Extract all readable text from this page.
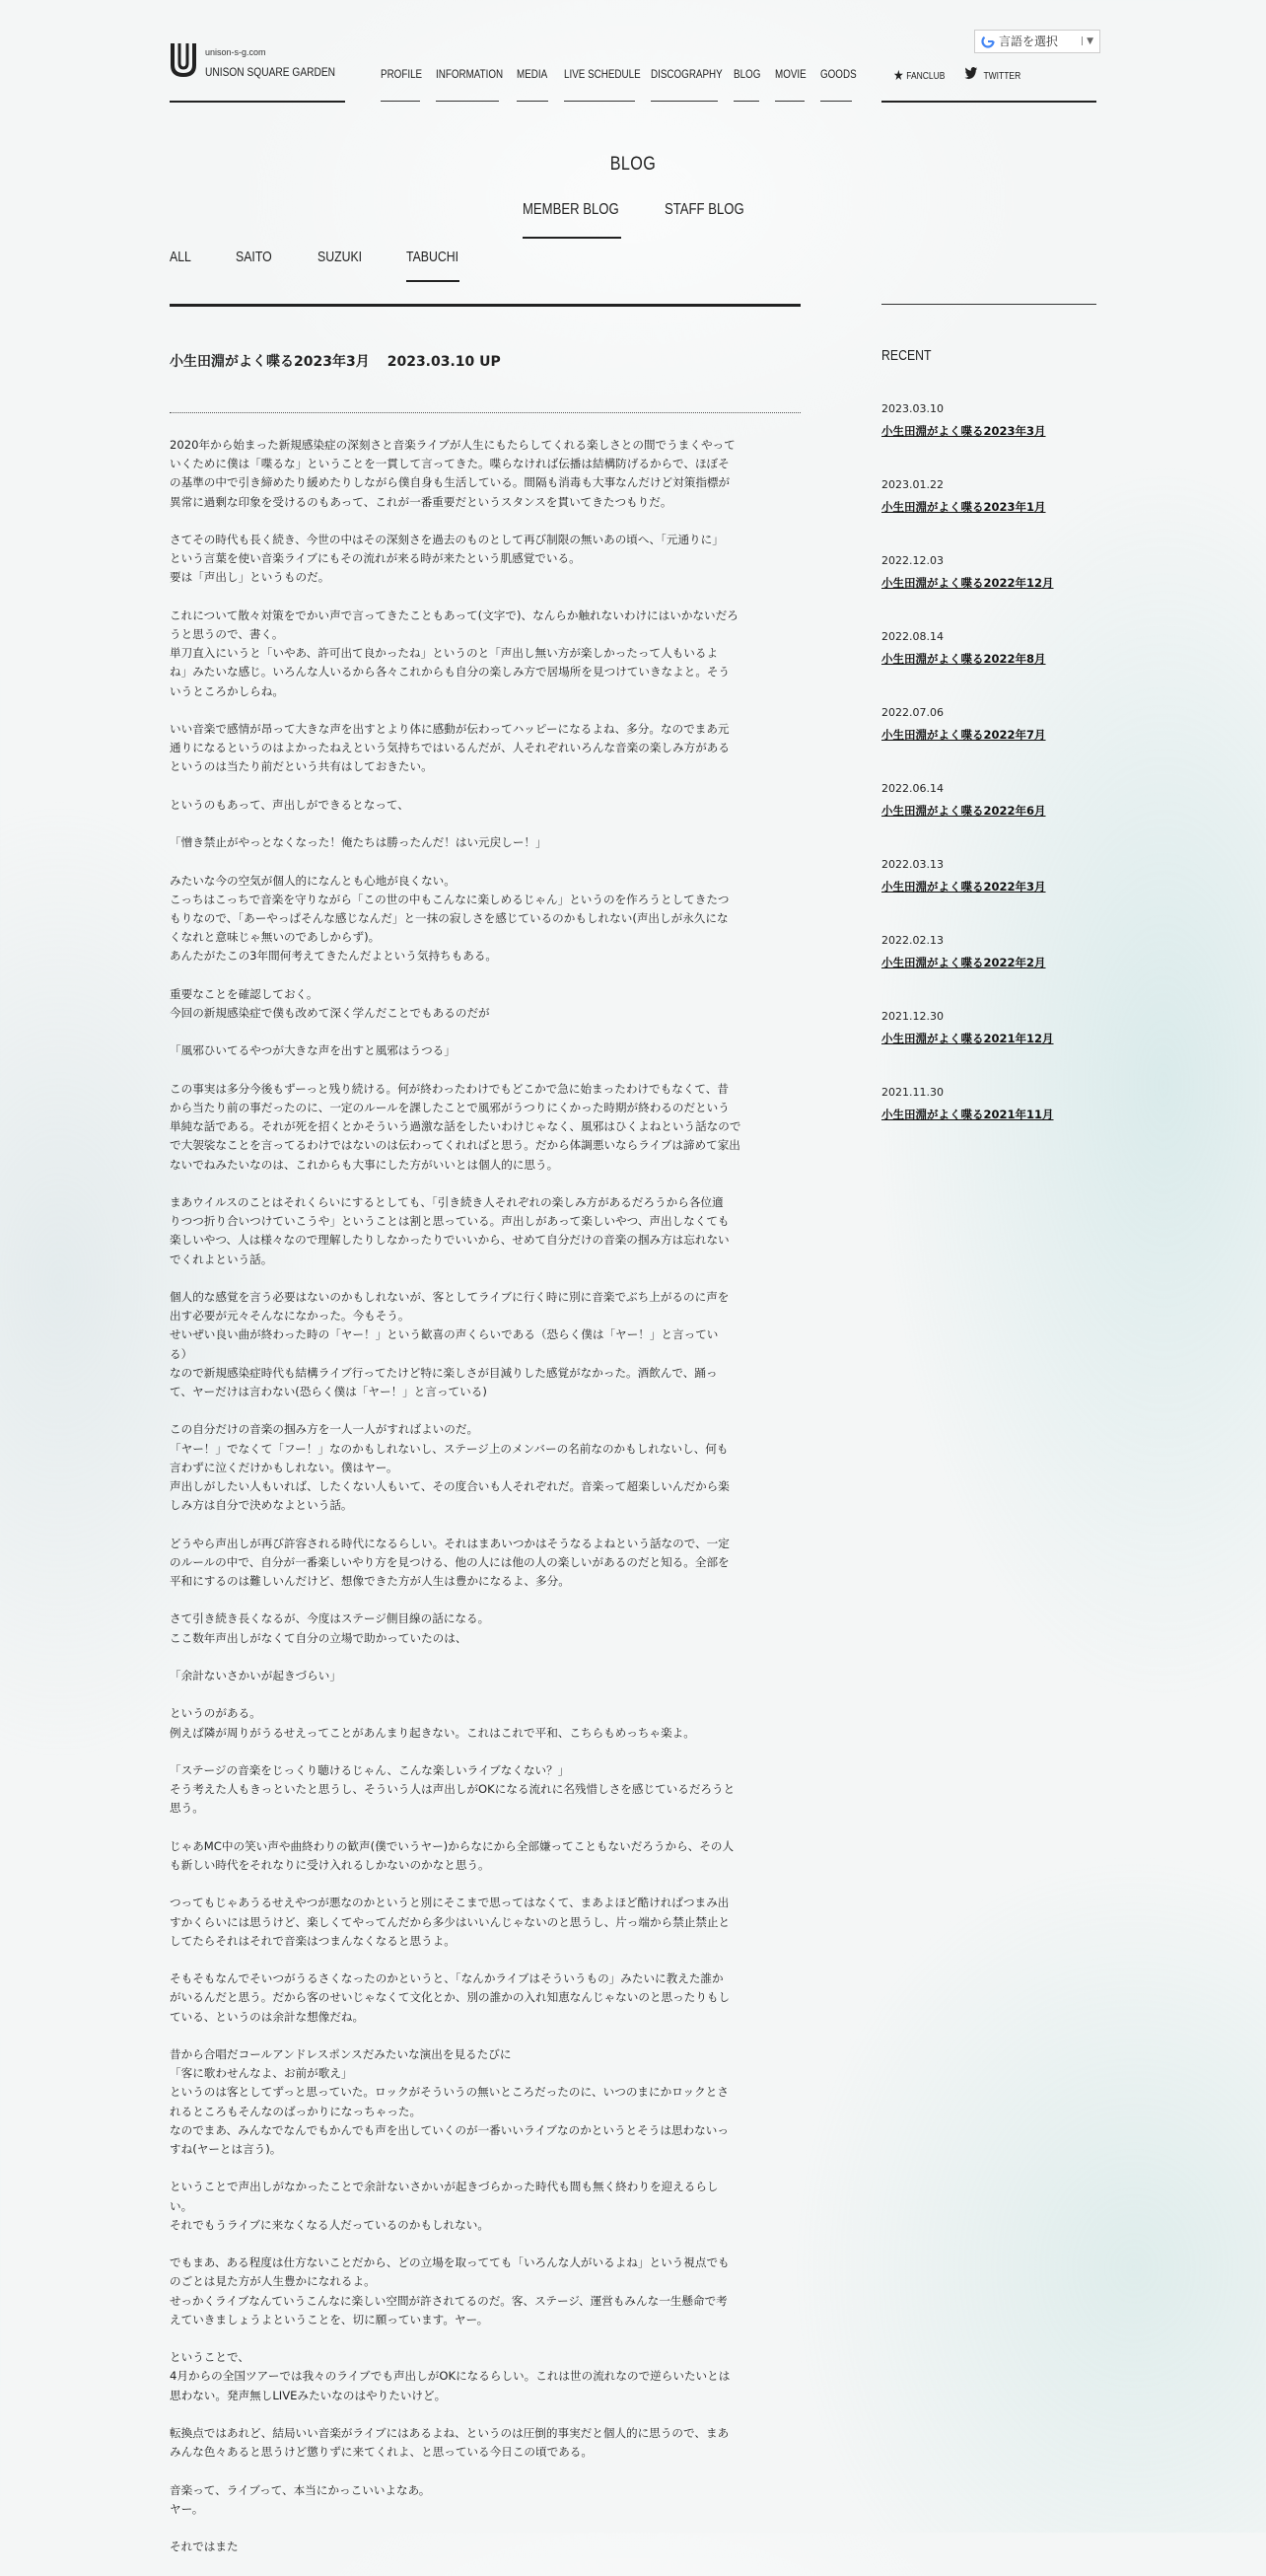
unison-s-g.com
UNISON SQUARE GARDEN	PROFILE INFORMATION MEDIA LIVE SCHEDULE DISCOGRAPHY BLOG MOVIE GOODS
言語を選択	| ▼
★ FANCLUB	TWITTER
BLOG
MEMBER BLOG	STAFF BLOG
ALL	SAITO	SUZUKI	TABUCHI
小生田淵がよく喋る2023年3月 2023.03.10 UP

2020年から始まった新規感染症の深刻さと音楽ライブが人生にもたらしてくれる楽しさとの間でうまくやって
いくために僕は「喋るな」ということを一貫して言ってきた。喋らなければ伝播は結構防げるからで、ほぼそ
の基準の中で引き締めたり緩めたりしながら僕自身も生活している。間隔も消毒も大事なんだけど対策指標が
異常に過剰な印象を受けるのもあって、これが一番重要だというスタンスを貫いてきたつもりだ。

さてその時代も長く続き、今世の中はその深刻さを過去のものとして再び制限の無いあの頃へ、「元通りに」
という言葉を使い音楽ライブにもその流れが来る時が来たという肌感覚でいる。
要は「声出し」というものだ。

これについて散々対策をでかい声で言ってきたこともあって(文字で)、なんらか触れないわけにはいかないだろ
うと思うので、書く。
単刀直入にいうと「いやあ、許可出て良かったね」というのと「声出し無い方が楽しかったって人もいるよ
ね」みたいな感じ。いろんな人いるから各々これからも自分の楽しみ方で居場所を見つけていきなよと。そう
いうところかしらね。

いい音楽で感情が昂って大きな声を出すとより体に感動が伝わってハッピーになるよね、多分。なのでまあ元
通りになるというのはよかったねえという気持ちではいるんだが、人それぞれいろんな音楽の楽しみ方がある
というのは当たり前だという共有はしておきたい。

というのもあって、声出しができるとなって、

「憎き禁止がやっとなくなった！俺たちは勝ったんだ！はい元戻しー！」

みたいな今の空気が個人的になんとも心地が良くない。
こっちはこっちで音楽を守りながら「この世の中もこんなに楽しめるじゃん」というのを作ろうとしてきたつ
もりなので、「あーやっぱそんな感じなんだ」と一抹の寂しさを感じているのかもしれない(声出しが永久にな
くなれと意味じゃ無いのであしからず)。
あんたがたこの3年間何考えてきたんだよという気持ちもある。

重要なことを確認しておく。
今回の新規感染症で僕も改めて深く学んだことでもあるのだが

「風邪ひいてるやつが大きな声を出すと風邪はうつる」

この事実は多分今後もずーっと残り続ける。何が終わったわけでもどこかで急に始まったわけでもなくて、昔
から当たり前の事だったのに、一定のルールを課したことで風邪がうつりにくかった時期が終わるのだという
単純な話である。それが死を招くとかそういう過激な話をしたいわけじゃなく、風邪はひくよねという話なので
で大袈裟なことを言ってるわけではないのは伝わってくれればと思う。だから体調悪いならライブは諦めて家出
ないでねみたいなのは、これからも大事にした方がいいとは個人的に思う。

まあウイルスのことはそれくらいにするとしても、「引き続き人それぞれの楽しみ方があるだろうから各位適
りつつ折り合いつけていこうや」ということは割と思っている。声出しがあって楽しいやつ、声出しなくても
楽しいやつ、人は様々なので理解したりしなかったりでいいから、せめて自分だけの音楽の掴み方は忘れない
でくれよという話。

個人的な感覚を言う必要はないのかもしれないが、客としてライブに行く時に別に音楽でぶち上がるのに声を
出す必要が元々そんなになかった。今もそう。
せいぜい良い曲が終わった時の「ヤー！」という歓喜の声くらいである（恐らく僕は「ヤー！」と言ってい
る）
なので新規感染症時代も結構ライブ行ってたけど特に楽しさが目減りした感覚がなかった。酒飲んで、踊っ
て、ヤーだけは言わない(恐らく僕は「ヤー！」と言っている)

この自分だけの音楽の掴み方を一人一人がすればよいのだ。
「ヤー！」でなくて「フー！」なのかもしれないし、ステージ上のメンバーの名前なのかもしれないし、何も
言わずに泣くだけかもしれない。僕はヤー。
声出しがしたい人もいれば、したくない人もいて、その度合いも人それぞれだ。音楽って超楽しいんだから楽
しみ方は自分で決めなよという話。

どうやら声出しが再び許容される時代になるらしい。それはまあいつかはそうなるよねという話なので、一定
のルールの中で、自分が一番楽しいやり方を見つける、他の人には他の人の楽しいがあるのだと知る。全部を
平和にするのは難しいんだけど、想像できた方が人生は豊かになるよ、多分。

さて引き続き長くなるが、今度はステージ側目線の話になる。
ここ数年声出しがなくて自分の立場で助かっていたのは、

「余計ないさかいが起きづらい」

というのがある。
例えば隣が周りがうるせえってことがあんまり起きない。これはこれで平和、こちらもめっちゃ楽よ。

「ステージの音楽をじっくり聴けるじゃん、こんな楽しいライブなくない？」
そう考えた人もきっといたと思うし、そういう人は声出しがOKになる流れに名残惜しさを感じているだろうと
思う。

じゃあMC中の笑い声や曲終わりの歓声(僕でいうヤー)からなにから全部嫌ってこともないだろうから、その人
も新しい時代をそれなりに受け入れるしかないのかなと思う。

つってもじゃあうるせえやつが悪なのかというと別にそこまで思ってはなくて、まあよほど酷ければつまみ出
すかくらいには思うけど、楽しくてやってんだから多少はいいんじゃないのと思うし、片っ端から禁止禁止と
してたらそれはそれで音楽はつまんなくなると思うよ。

そもそもなんでそいつがうるさくなったのかというと、「なんかライブはそういうもの」みたいに教えた誰か
がいるんだと思う。だから客のせいじゃなくて文化とか、別の誰かの入れ知恵なんじゃないのと思ったりもし
ている、というのは余計な想像だね。

昔から合唱だコールアンドレスポンスだみたいな演出を見るたびに
「客に歌わせんなよ、お前が歌え」
というのは客としてずっと思っていた。ロックがそういうの無いところだったのに、いつのまにかロックとさ
れるところもそんなのばっかりになっちゃった。
なのでまあ、みんなでなんでもかんでも声を出していくのが一番いいライブなのかというとそうは思わないっ
すね(ヤーとは言う)。

ということで声出しがなかったことで余計ないさかいが起きづらかった時代も間も無く終わりを迎えるらし
い。
それでもうライブに来なくなる人だっているのかもしれない。

でもまあ、ある程度は仕方ないことだから、どの立場を取ってても「いろんな人がいるよね」という視点でも
のごとは見た方が人生豊かになれるよ。
せっかくライブなんていうこんなに楽しい空間が許されてるのだ。客、ステージ、運営もみんな一生懸命で考
えていきましょうよということを、切に願っています。ヤー。

ということで、
4月からの全国ツアーでは我々のライブでも声出しがOKになるらしい。これは世の流れなので逆らいたいとは
思わない。発声無しLIVEみたいなのはやりたいけど。

転換点ではあれど、結局いい音楽がライブにはあるよね、というのは圧倒的事実だと個人的に思うので、まあ
みんな色々あると思うけど懲りずに来てくれよ、と思っている今日この頃である。

音楽って、ライブって、本当にかっこいいよなあ。
ヤー。

それではまた

RECENT
2023.03.10
小生田淵がよく喋る2023年3月
2023.01.22
小生田淵がよく喋る2023年1月
2022.12.03
小生田淵がよく喋る2022年12月
2022.08.14
小生田淵がよく喋る2022年8月
2022.07.06
小生田淵がよく喋る2022年7月
2022.06.14
小生田淵がよく喋る2022年6月
2022.03.13
小生田淵がよく喋る2022年3月
2022.02.13
小生田淵がよく喋る2022年2月
2021.12.30
小生田淵がよく喋る2021年12月
2021.11.30
小生田淵がよく喋る2021年11月
